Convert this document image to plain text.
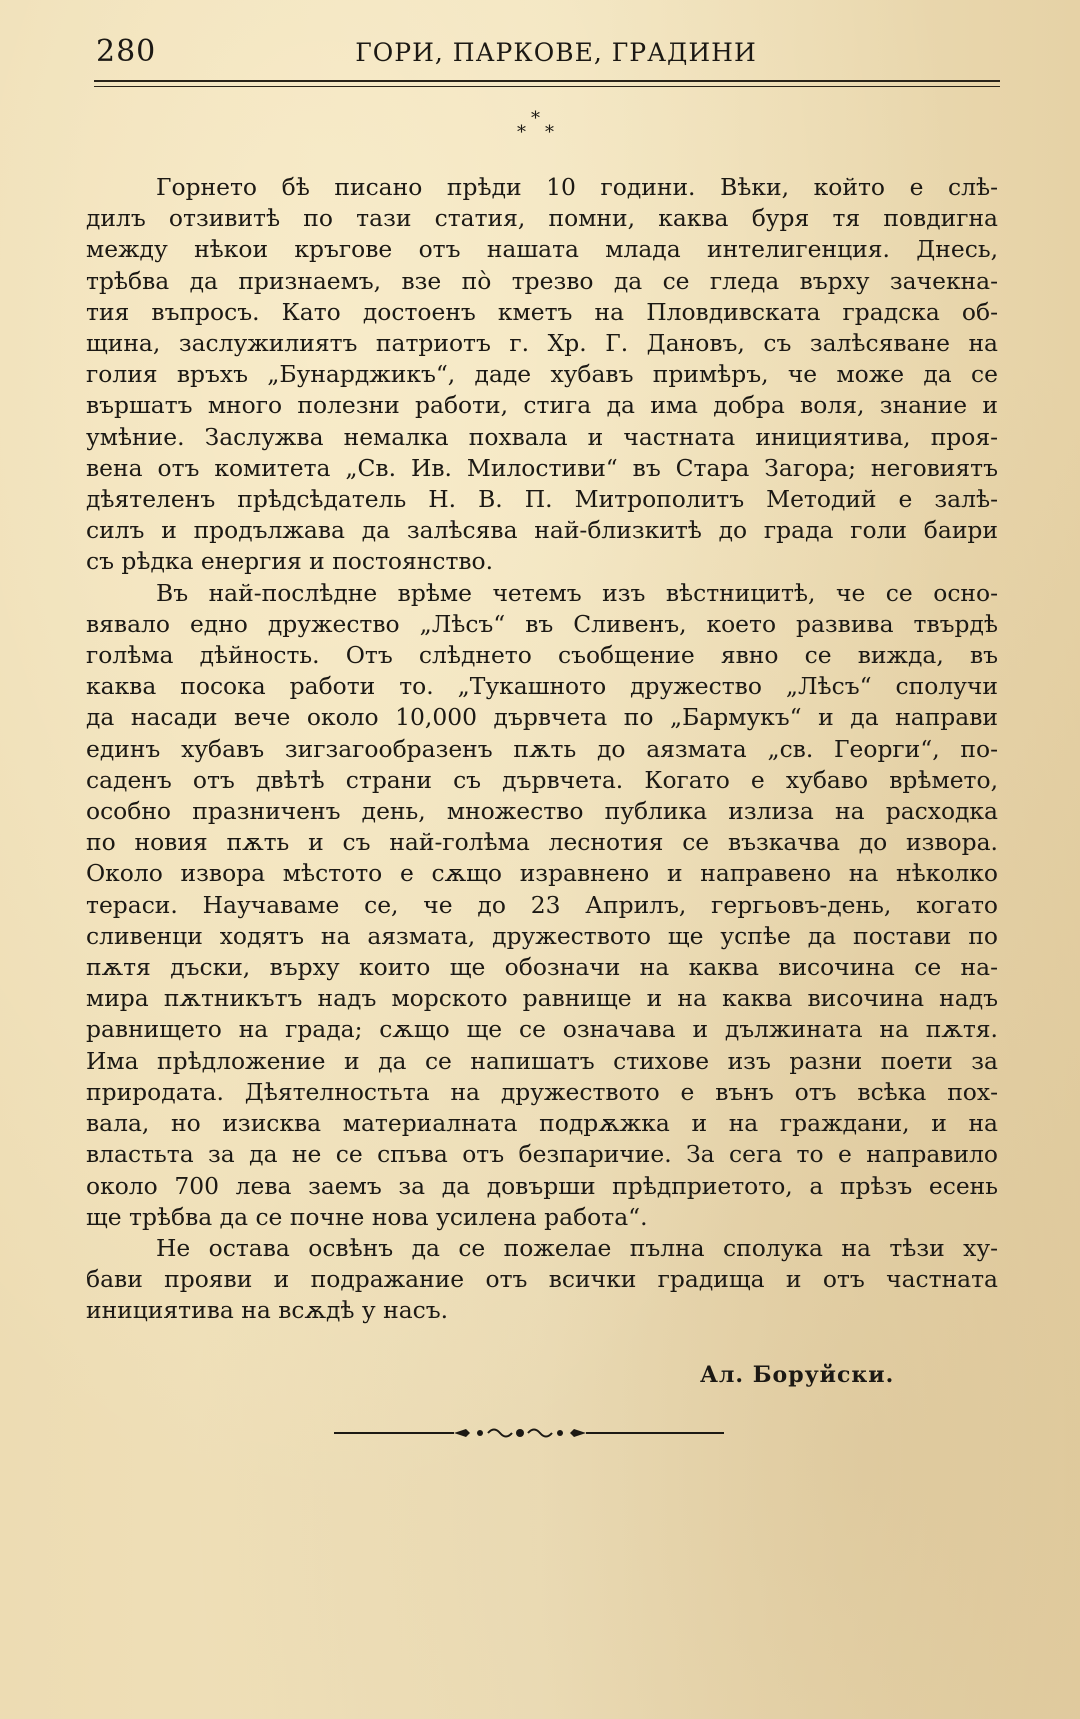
280	ГОРИ, ПАРКОВЕ, ГРАДИНИ
*
* *

Горнето бѣ писано прѣди 10 години. Вѣки, който е слѣ-

дилъ отзивитѣ по тази статия, помни, каква буря тя повдигна

между нѣкои кръгове отъ нашата млада интелигенция. Днесь,

трѣбва да признаемъ, взе по̀ трезво да се гледа върху зачекна-

тия въпросъ. Като достоенъ кметъ на Пловдивската градска об-

щина, заслужилиятъ патриотъ г. Хр. Г. Дановъ, съ залѣсяване на

голия връхъ „Бунарджикъ“, даде хубавъ примѣръ, че може да се

вършатъ много полезни работи, стига да има добра воля, знание и

умѣние. Заслужва немалка похвала и частната инициятива, проя-

вена отъ комитета „Св. Ив. Милостиви“ въ Стара Загора; неговиятъ

дѣятеленъ прѣдсѣдатель Н. В. П. Митрополитъ Методий е залѣ-

силъ и продължава да залѣсява най-близкитѣ до града голи баири

съ рѣдка енергия и постоянство.

Въ най-послѣдне врѣме четемъ изъ вѣстницитѣ, че се осно-

вявало едно дружество „Лѣсъ“ въ Сливенъ, което развива твърдѣ

голѣма дѣйность. Отъ слѣднето съобщение явно се вижда, въ

каква посока работи то. „Тукашното дружество „Лѣсъ“ сполучи

да насади вече около 10,000 дървчета по „Бармукъ“ и да направи

единъ хубавъ зигзагообразенъ пѫть до аязмата „св. Георги“, по-

саденъ отъ двѣтѣ страни съ дървчета. Когато е хубаво врѣмето,

особно празниченъ день, множество публика излиза на расходка

по новия пѫть и съ най-голѣма леснотия се възкачва до извора.

Около извора мѣстото е сѫщо изравнено и направено на нѣколко

тераси. Научаваме се, че до 23 Априлъ, гергьовъ-день, когато

сливенци ходятъ на аязмата, дружеството ще успѣе да постави по

пѫтя дъски, върху които ще обозначи на каква височина се на-

мира пѫтникътъ надъ морското равнище и на каква височина надъ

равнището на града; сѫщо ще се означава и дължината на пѫтя.

Има прѣдложение и да се напишатъ стихове изъ разни поети за

природата. Дѣятелностьта на дружеството е вънъ отъ всѣка пох-

вала, но изисква материалната подрѫжка и на граждани, и на

властьта за да не се спъва отъ безпаричие. За сега то е направило

около 700 лева заемъ за да довърши прѣдприетото, а прѣзъ есень

ще трѣбва да се почне нова усилена работа“.

Не остава освѣнъ да се пожелае пълна сполука на тѣзи ху-

бави прояви и подражание отъ всички градища и отъ частната

инициятива на всѫдѣ у насъ.

Ал. Боруйски.
